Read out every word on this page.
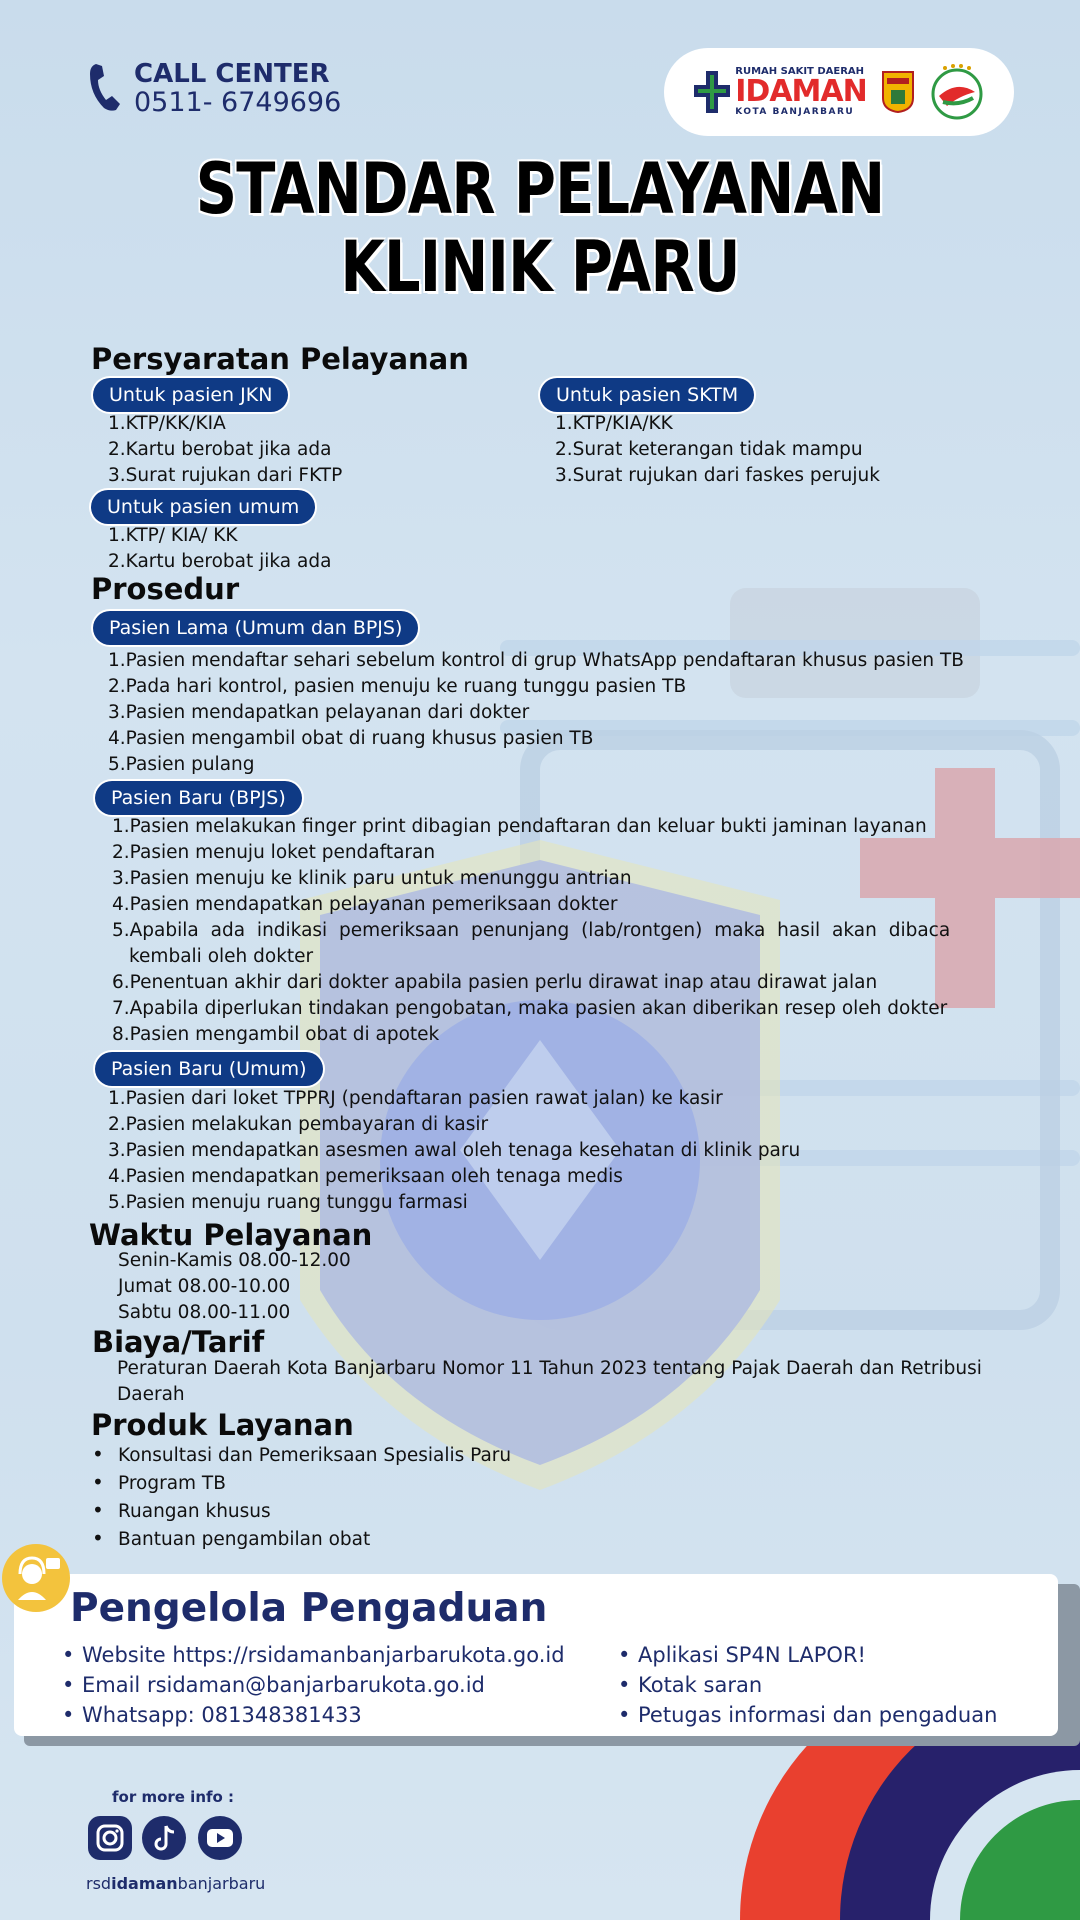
CALL CENTER
0511- 6749696
RUMAH SAKIT DAERAH
IDAMAN
KOTA BANJARBARU
STANDAR PELAYANAN
KLINIK PARU
Persyaratan Pelayanan
Untuk pasien JKN
1.KTP/KK/KIA
2.Kartu berobat jika ada
3.Surat rujukan dari FKTP
Untuk pasien SKTM
1.KTP/KIA/KK
2.Surat keterangan tidak mampu
3.Surat rujukan dari faskes perujuk
Untuk pasien umum
1.KTP/ KIA/ KK
2.Kartu berobat jika ada
Prosedur
Pasien Lama (Umum dan BPJS)
1.Pasien mendaftar sehari sebelum kontrol di grup WhatsApp pendaftaran khusus pasien TB
2.Pada hari kontrol, pasien menuju ke ruang tunggu pasien TB
3.Pasien mendapatkan pelayanan dari dokter
4.Pasien mengambil obat di ruang khusus pasien TB
5.Pasien pulang
Pasien Baru (BPJS)
1.Pasien melakukan finger print dibagian pendaftaran dan keluar bukti jaminan layanan
2.Pasien menuju loket pendaftaran
3.Pasien menuju ke klinik paru untuk menunggu antrian
4.Pasien mendapatkan pelayanan pemeriksaan dokter
5.Apabila ada indikasi pemeriksaan penunjang (lab/rontgen) maka hasil akan dibaca
kembali oleh dokter
6.Penentuan akhir dari dokter apabila pasien perlu dirawat inap atau dirawat jalan
7.Apabila diperlukan tindakan pengobatan, maka pasien akan diberikan resep oleh dokter
8.Pasien mengambil obat di apotek
Pasien Baru (Umum)
1.Pasien dari loket TPPRJ (pendaftaran pasien rawat jalan) ke kasir
2.Pasien melakukan pembayaran di kasir
3.Pasien mendapatkan asesmen awal oleh tenaga kesehatan di klinik paru
4.Pasien mendapatkan pemeriksaan oleh tenaga medis
5.Pasien menuju ruang tunggu farmasi
Waktu Pelayanan
Senin-Kamis 08.00-12.00
Jumat 08.00-10.00
Sabtu 08.00-11.00
Biaya/Tarif
Peraturan Daerah Kota Banjarbaru Nomor 11 Tahun 2023 tentang Pajak Daerah dan Retribusi
Daerah
Produk Layanan
• Konsultasi dan Pemeriksaan Spesialis Paru
• Program TB
• Ruangan khusus
• Bantuan pengambilan obat
Pengelola Pengaduan
• Website https://rsidamanbanjarbarukota.go.id
• Email rsidaman@banjarbarukota.go.id
• Whatsapp: 081348381433
• Aplikasi SP4N LAPOR!
• Kotak saran
• Petugas informasi dan pengaduan
for more info :
rsdidamanbanjarbaru
